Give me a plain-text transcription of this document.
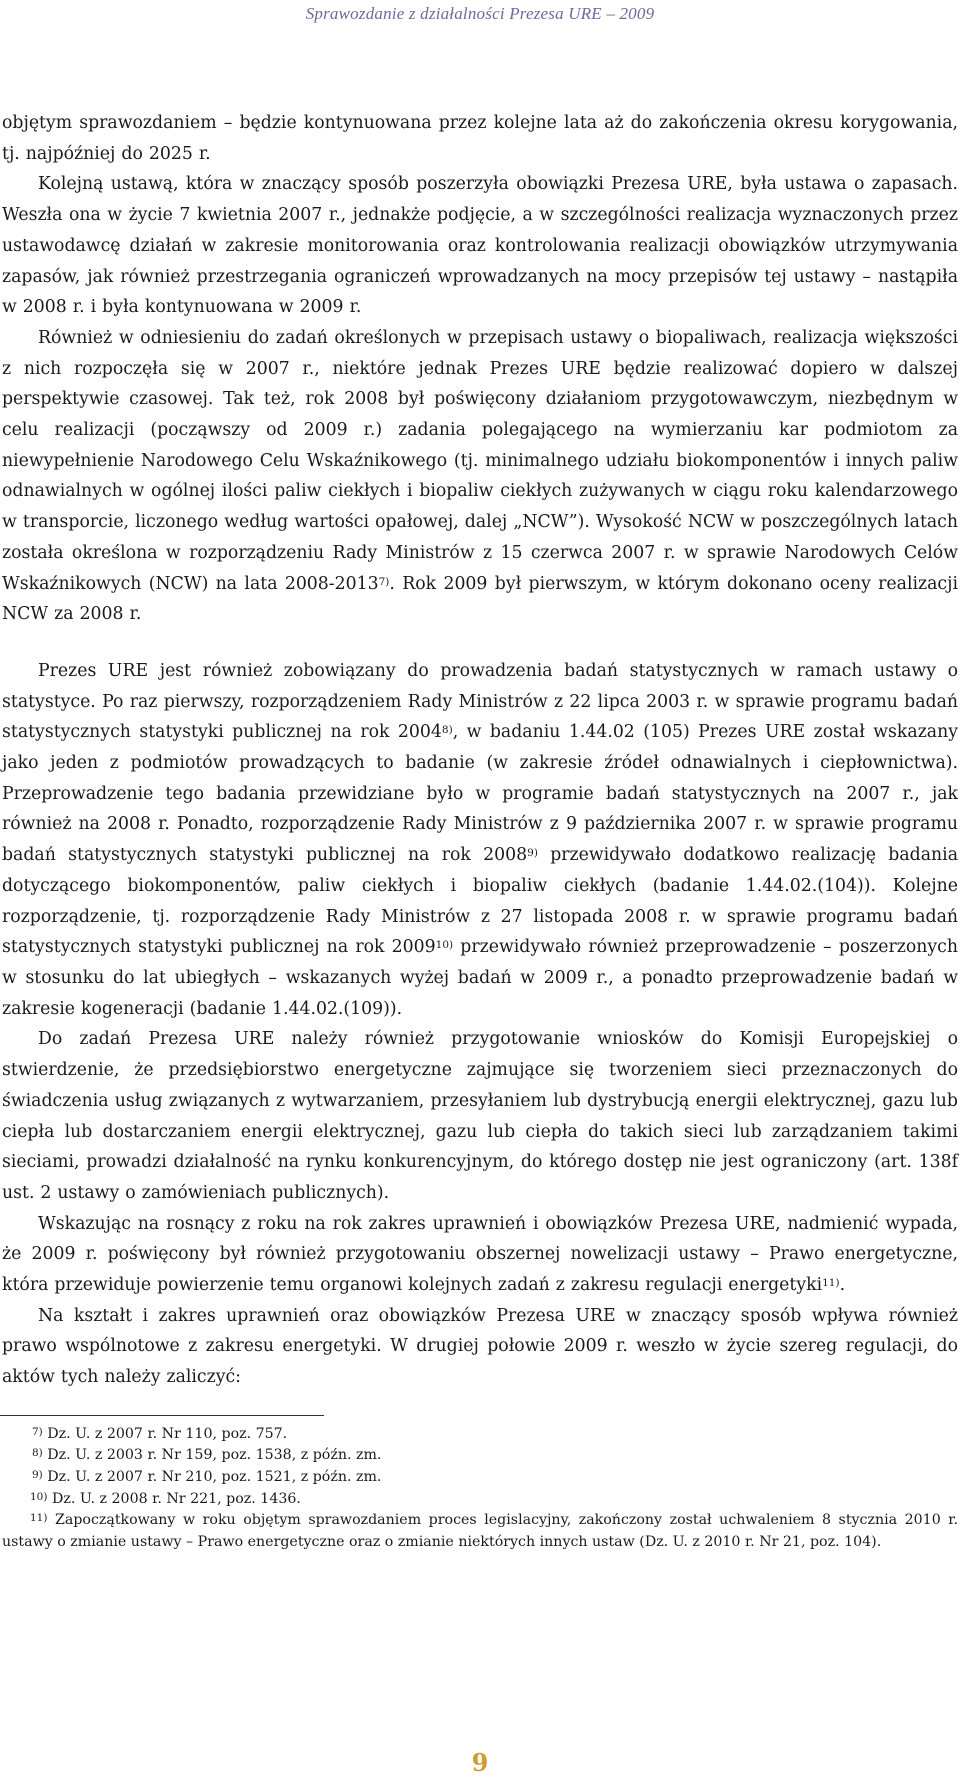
Sprawozdanie z działalności Prezesa URE – 2009

objętym sprawozdaniem – będzie kontynuowana przez kolejne lata aż do zakończenia okresu korygowania, tj. najpóźniej do 2025 r.

Kolejną ustawą, która w znaczący sposób poszerzyła obowiązki Prezesa URE, była ustawa o zapasach. Weszła ona w życie 7 kwietnia 2007 r., jednakże podjęcie, a w szczególności realizacja wyznaczonych przez ustawodawcę działań w zakresie monitorowania oraz kontrolowania realizacji obowiązków utrzymywania zapasów, jak również przestrzegania ograniczeń wprowadzanych na mocy przepisów tej ustawy – nastąpiła w 2008 r. i była kontynuowana w 2009 r.

Również w odniesieniu do zadań określonych w przepisach ustawy o biopaliwach, realizacja większości z nich rozpoczęła się w 2007 r., niektóre jednak Prezes URE będzie realizować dopiero w dalszej perspektywie czasowej. Tak też, rok 2008 był poświęcony działaniom przygotowawczym, niezbędnym w celu realizacji (począwszy od 2009 r.) zadania polegającego na wymierzaniu kar podmiotom za niewypełnienie Narodowego Celu Wskaźnikowego (tj. minimalnego udziału biokomponentów i innych paliw odnawialnych w ogólnej ilości paliw ciekłych i biopaliw ciekłych zużywanych w ciągu roku kalendarzowego w transporcie, liczonego według wartości opałowej, dalej „NCW”). Wysokość NCW w poszczególnych latach została określona w rozporządzeniu Rady Ministrów z 15 czerwca 2007 r. w sprawie Narodowych Celów Wskaźnikowych (NCW) na lata 2008-2013$^{7)}$. Rok 2009 był pierwszym, w którym dokonano oceny realizacji NCW za 2008 r.

Prezes URE jest również zobowiązany do prowadzenia badań statystycznych w ramach ustawy o statystyce. Po raz pierwszy, rozporządzeniem Rady Ministrów z 22 lipca 2003 r. w sprawie programu badań statystycznych statystyki publicznej na rok 2004$^{8)}$, w badaniu 1.44.02 (105) Prezes URE został wskazany jako jeden z podmiotów prowadzących to badanie (w zakresie źródeł odnawialnych i ciepłownictwa). Przeprowadzenie tego badania przewidziane było w programie badań statystycznych na 2007 r., jak również na 2008 r. Ponadto, rozporządzenie Rady Ministrów z 9 października 2007 r. w sprawie programu badań statystycznych statystyki publicznej na rok 2008$^{9)}$ przewidywało dodatkowo realizację badania dotyczącego biokomponentów, paliw ciekłych i biopaliw ciekłych (badanie 1.44.02.(104)). Kolejne rozporządzenie, tj. rozporządzenie Rady Ministrów z 27 listopada 2008 r. w sprawie programu badań statystycznych statystyki publicznej na rok 2009$^{10)}$ przewidywało również przeprowadzenie – poszerzonych w stosunku do lat ubiegłych – wskazanych wyżej badań w 2009 r., a ponadto przeprowadzenie badań w zakresie kogeneracji (badanie 1.44.02.(109)).

Do zadań Prezesa URE należy również przygotowanie wniosków do Komisji Europejskiej o stwierdzenie, że przedsiębiorstwo energetyczne zajmujące się tworzeniem sieci przeznaczonych do świadczenia usług związanych z wytwarzaniem, przesyłaniem lub dystrybucją energii elektrycznej, gazu lub ciepła lub dostarczaniem energii elektrycznej, gazu lub ciepła do takich sieci lub zarządzaniem takimi sieciami, prowadzi działalność na rynku konkurencyjnym, do którego dostęp nie jest ograniczony (art. 138f ust. 2 ustawy o zamówieniach publicznych).

Wskazując na rosnący z roku na rok zakres uprawnień i obowiązków Prezesa URE, nadmienić wypada, że 2009 r. poświęcony był również przygotowaniu obszernej nowelizacji ustawy – Prawo energetyczne, która przewiduje powierzenie temu organowi kolejnych zadań z zakresu regulacji energetyki$^{11)}$.

Na kształt i zakres uprawnień oraz obowiązków Prezesa URE w znaczący sposób wpływa również prawo wspólnotowe z zakresu energetyki. W drugiej połowie 2009 r. weszło w życie szereg regulacji, do aktów tych należy zaliczyć:

7) Dz. U. z 2007 r. Nr 110, poz. 757.

8) Dz. U. z 2003 r. Nr 159, poz. 1538, z późn. zm.

9) Dz. U. z 2007 r. Nr 210, poz. 1521, z późn. zm.

10) Dz. U. z 2008 r. Nr 221, poz. 1436.

$^{11)}$ Zapoczątkowany w roku objętym sprawozdaniem proces legislacyjny, zakończony został uchwaleniem 8 stycznia 2010 r. ustawy o zmianie ustawy – Prawo energetyczne oraz o zmianie niektórych innych ustaw (Dz. U. z 2010 r. Nr 21, poz. 104).

9
